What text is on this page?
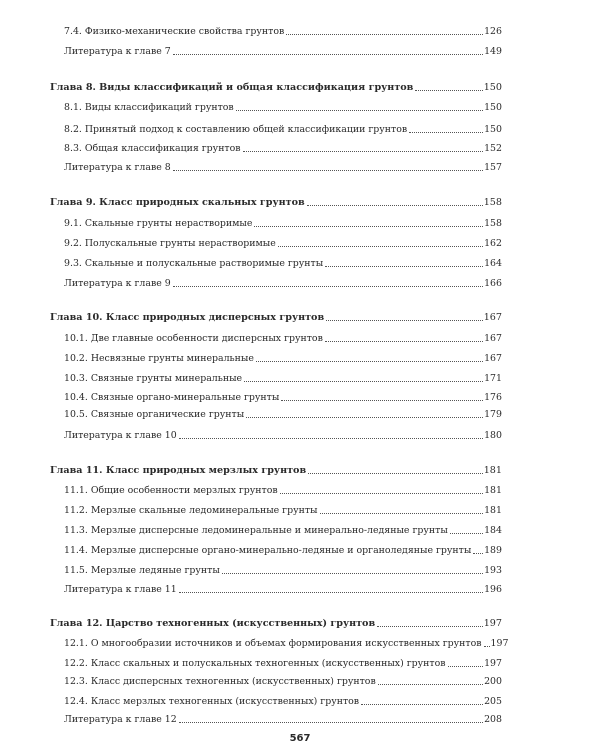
7.4. Физико-механические свойства грунтов	126
Литература к главе 7	149
Глава 8. Виды классификаций и общая классификация грунтов	150
8.1. Виды классификаций грунтов	150
8.2. Принятый подход к составлению общей классификации грунтов	150
8.3. Общая классификация грунтов	152
Литература к главе 8	157
Глава 9. Класс природных скальных грунтов	158
9.1. Скальные грунты нерастворимые	158
9.2. Полускальные грунты нерастворимые	162
9.3. Скальные и полускальные растворимые грунты	164
Литература к главе 9	166
Глава 10. Класс природных дисперсных грунтов	167
10.1. Две главные особенности дисперсных грунтов	167
10.2. Несвязные грунты минеральные	167
10.3. Связные грунты минеральные	171
10.4. Связные органо-минеральные грунты	176
10.5. Связные органические грунты	179
Литература к главе 10	180
Глава 11. Класс природных мерзлых грунтов	181
11.1. Общие особенности мерзлых грунтов	181
11.2. Мерзлые скальные ледоминеральные грунты	181
11.3. Мерзлые дисперсные ледоминеральные и минерально-ледяные грунты	184
11.4. Мерзлые дисперсные органо-минерально-ледяные и органоледяные грунты 189
11.5. Мерзлые ледяные грунты	193
Литература к главе 11	196
Глава 12. Царство техногенных (искусственных) грунтов	197
12.1. О многообразии источников и объемах формирования искусственных грунтов 197
12.2. Класс скальных и полускальных техногенных (искусственных) грунтов	197
12.3. Класс дисперсных техногенных (искусственных) грунтов	200
12.4. Класс мерзлых техногенных (искусственных) грунтов	205
Литература к главе 12	208
567
